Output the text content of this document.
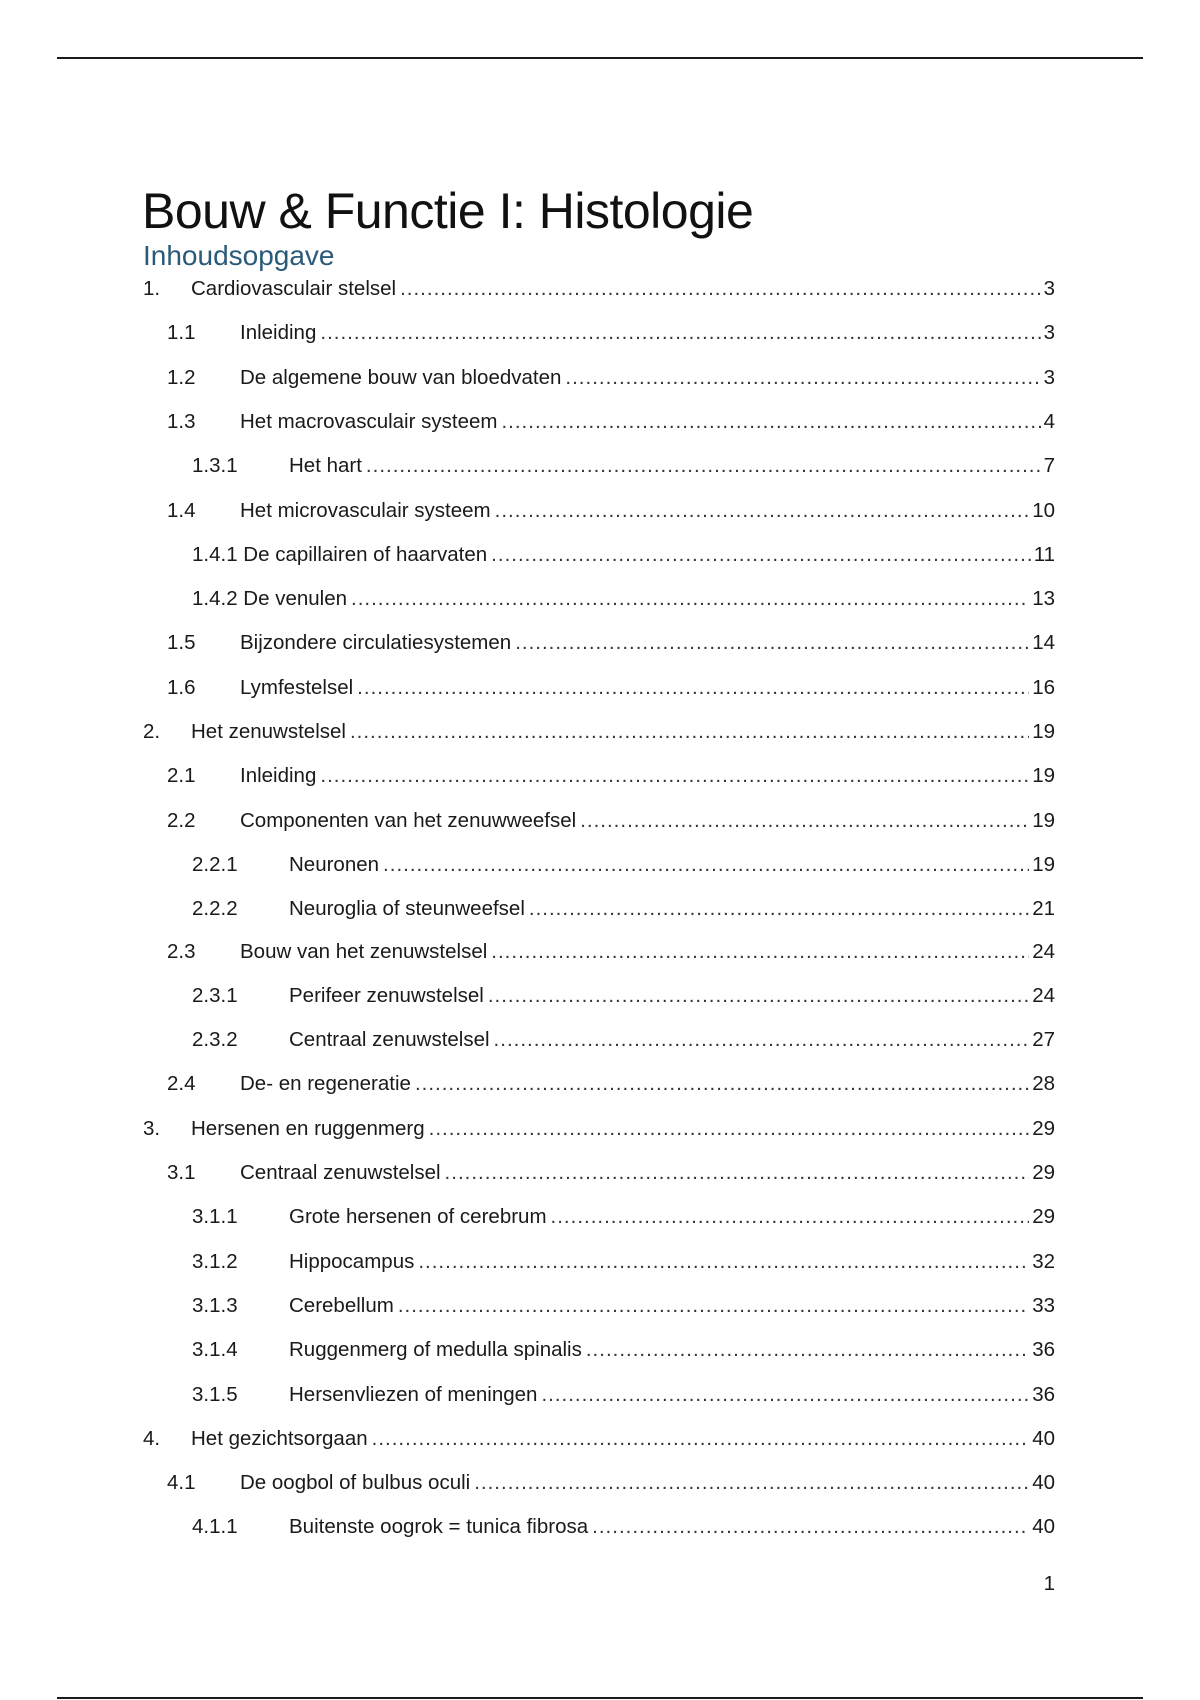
Bouw & Functie I: Histologie
Inhoudsopgave
1. Cardiovasculair stelsel .....	3
1.1 Inleiding .....	3
1.2 De algemene bouw van bloedvaten .....	3
1.3 Het macrovasculair systeem .....	4
1.3.1	Het hart .....	7
1.4 Het microvasculair systeem .....	10
1.4.1 De capillairen of haarvaten .....	11
1.4.2 De venulen .....	13
1.5 Bijzondere circulatiesystemen .....	14
1.6 Lymfestelsel .....	16
2. Het zenuwstelsel .....	19
2.1 Inleiding .....	19
2.2 Componenten van het zenuwweefsel .....	19
2.2.1	Neuronen .....	19
2.2.2	Neuroglia of steunweefsel .....	21
2.3 Bouw van het zenuwstelsel .....	24
2.3.1	Perifeer zenuwstelsel .....	24
2.3.2	Centraal zenuwstelsel .....	27
2.4 De- en regeneratie .....	28
3. Hersenen en ruggenmerg .....	29
3.1 Centraal zenuwstelsel .....	29
3.1.1	Grote hersenen of cerebrum .....	29
3.1.2	Hippocampus .....	32
3.1.3	Cerebellum .....	33
3.1.4	Ruggenmerg of medulla spinalis .....	36
3.1.5	Hersenvliezen of meningen .....	36
4. Het gezichtsorgaan .....	40
4.1 De oogbol of bulbus oculi .....	40
4.1.1	Buitenste oogrok = tunica fibrosa .....	40
1
